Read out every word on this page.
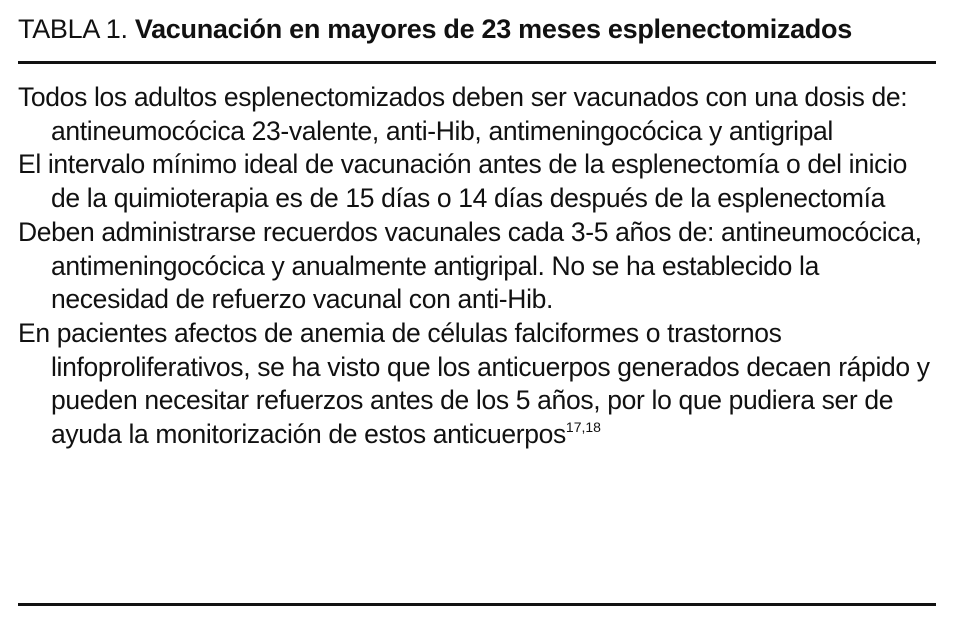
TABLA 1. Vacunación en mayores de 23 meses esplenectomizados

Todos los adultos esplenectomizados deben ser vacunados con una dosis de: antineumocócica 23-valente, anti-Hib, antimeningocócica y antigripal
El intervalo mínimo ideal de vacunación antes de la esplenectomía o del inicio de la quimioterapia es de 15 días o 14 días después de la esplenectomía
Deben administrarse recuerdos vacunales cada 3-5 años de: antineumocócica, antimeningocócica y anualmente antigripal. No se ha establecido la necesidad de refuerzo vacunal con anti-Hib.
En pacientes afectos de anemia de células falciformes o trastornos linfoproliferativos, se ha visto que los anticuerpos generados decaen rápido y pueden necesitar refuerzos antes de los 5 años, por lo que pudiera ser de ayuda la monitorización de estos anticuerpos$^{17,18}$
